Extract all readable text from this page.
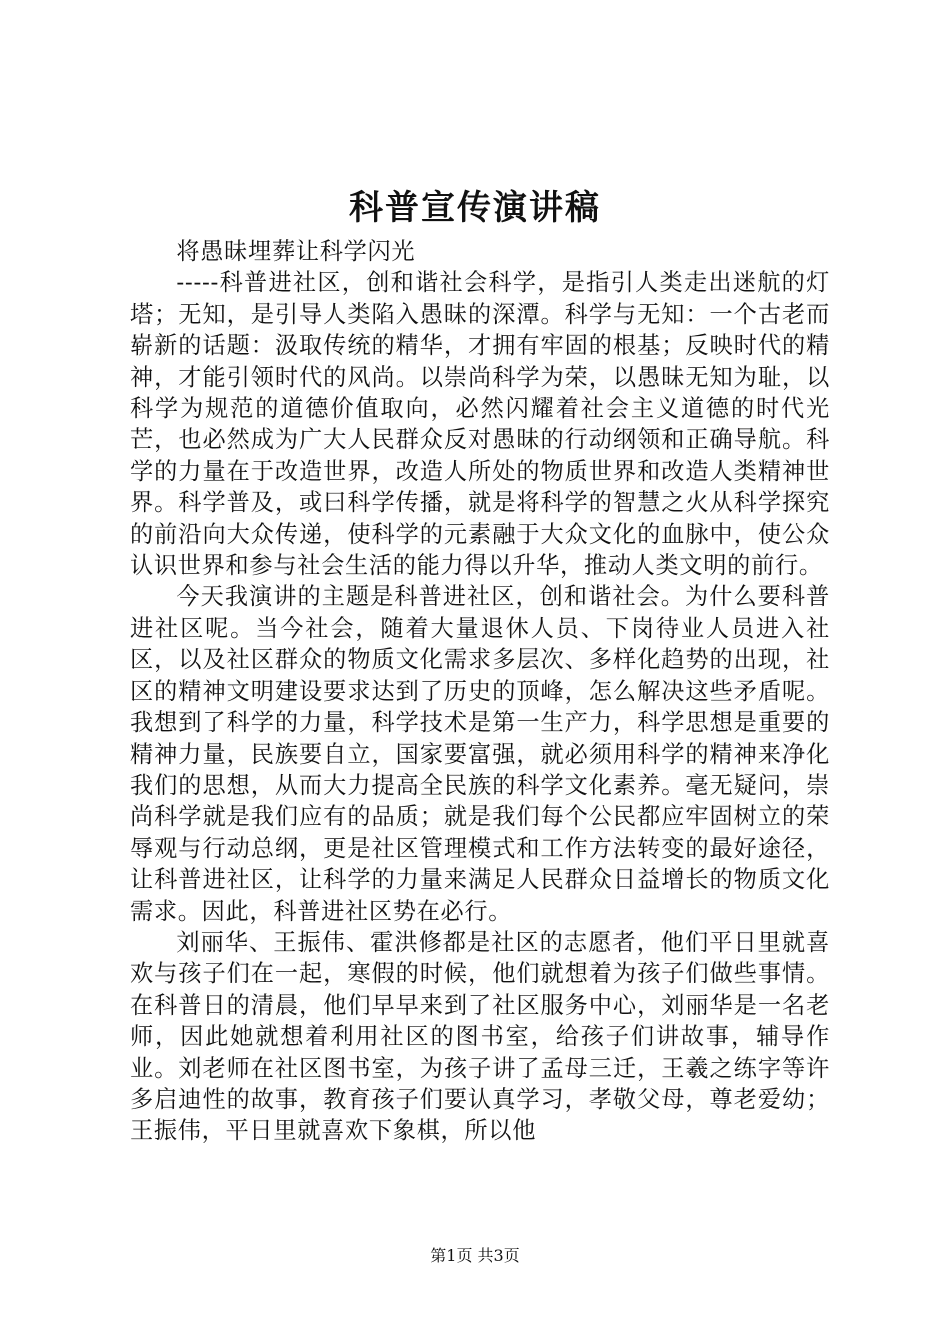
科普宣传演讲稿

将愚昧埋葬让科学闪光

-----科普进社区，创和谐社会科学，是指引人类走出迷航的灯塔；无知，是引导人类陷入愚昧的深潭。科学与无知：一个古老而崭新的话题：汲取传统的精华，才拥有牢固的根基；反映时代的精神，才能引领时代的风尚。以崇尚科学为荣，以愚昧无知为耻，以科学为规范的道德价值取向，必然闪耀着社会主义道德的时代光芒，也必然成为广大人民群众反对愚昧的行动纲领和正确导航。科学的力量在于改造世界，改造人所处的物质世界和改造人类精神世界。科学普及，或曰科学传播，就是将科学的智慧之火从科学探究的前沿向大众传递，使科学的元素融于大众文化的血脉中，使公众认识世界和参与社会生活的能力得以升华，推动人类文明的前行。

今天我演讲的主题是科普进社区，创和谐社会。为什么要科普进社区呢。当今社会，随着大量退休人员、下岗待业人员进入社区，以及社区群众的物质文化需求多层次、多样化趋势的出现，社区的精神文明建设要求达到了历史的顶峰，怎么解决这些矛盾呢。我想到了科学的力量，科学技术是第一生产力，科学思想是重要的精神力量，民族要自立，国家要富强，就必须用科学的精神来净化我们的思想，从而大力提高全民族的科学文化素养。毫无疑问，崇尚科学就是我们应有的品质；就是我们每个公民都应牢固树立的荣辱观与行动总纲，更是社区管理模式和工作方法转变的最好途径，让科普进社区，让科学的力量来满足人民群众日益增长的物质文化需求。因此，科普进社区势在必行。

刘丽华、王振伟、霍洪修都是社区的志愿者，他们平日里就喜欢与孩子们在一起，寒假的时候，他们就想着为孩子们做些事情。在科普日的清晨，他们早早来到了社区服务中心，刘丽华是一名老师，因此她就想着利用社区的图书室，给孩子们讲故事，辅导作业。刘老师在社区图书室，为孩子讲了孟母三迁，王羲之练字等许多启迪性的故事，教育孩子们要认真学习，孝敬父母，尊老爱幼；王振伟，平日里就喜欢下象棋，所以他

第1页 共3页
